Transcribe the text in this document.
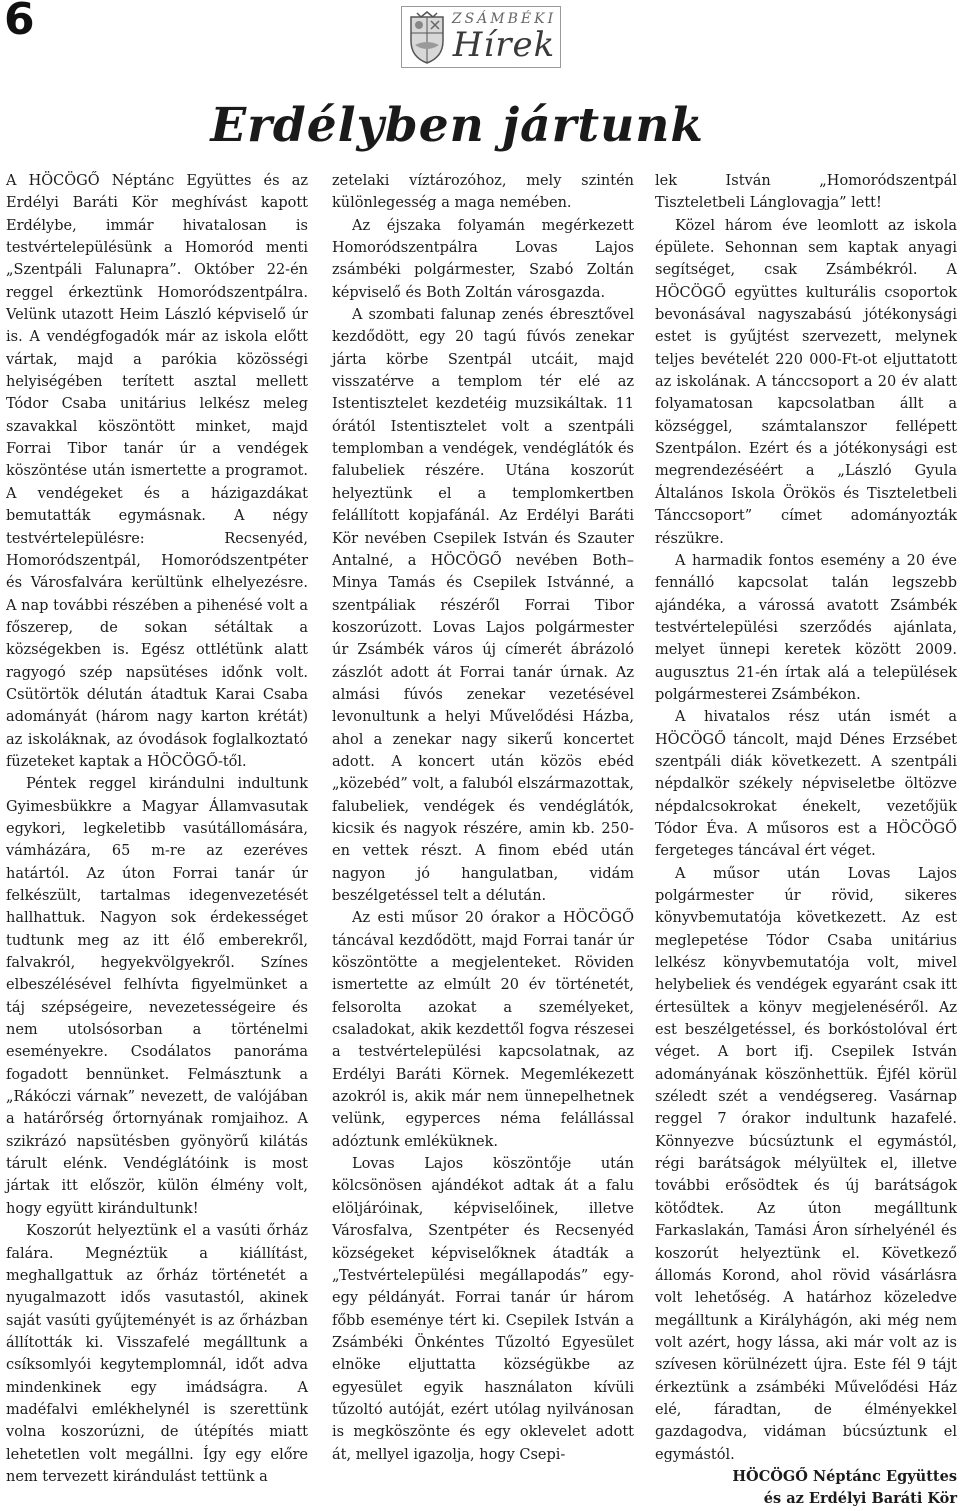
6	ZSÁMBÉKI
Hírek
Erdélyben jártunk

A HÖCÖGŐ Néptánc Együttes és az Erdélyi Baráti Kör meghívást kapott Erdélybe, immár hivatalosan is testvértelepülésünk a Homoród menti „Szentpáli Falunapra”. Október 22-én reggel érkeztünk Homoródszentpálra. Velünk utazott Heim László képviselő úr is. A vendégfogadók már az iskola előtt vártak, majd a parókia közösségi helyiségében terített asztal mellett Tódor Csaba unitárius lelkész meleg szavakkal köszöntött minket, majd Forrai Tibor tanár úr a vendégek köszöntése után ismertette a programot. A vendégeket és a házigazdákat bemutatták egymásnak. A négy testvértelepülésre: Recsenyéd, Homoródszentpál, Homoródszentpéter és Városfalvára kerültünk elhelyezésre. A nap további részében a pihenésé volt a főszerep, de sokan sétáltak a községekben is. Egész ottlétünk alatt ragyogó szép napsütéses időnk volt. Csütörtök délután átadtuk Karai Csaba adományát (három nagy karton krétát) az iskoláknak, az óvodások foglalkoztató füzeteket kaptak a HÖCÖGŐ-től.

Péntek reggel kirándulni indultunk Gyimesbükkre a Magyar Államvasutak egykori, legkeletibb vasútállomására, vámházára, 65 m-re az ezeréves határtól. Az úton Forrai tanár úr felkészült, tartalmas idegenvezetését hallhattuk. Nagyon sok érdekességet tudtunk meg az itt élő emberekről, falvakról, hegyekvölgyekről. Színes elbeszélésével felhívta figyelmünket a táj szépségeire, nevezetességeire és nem utolsósorban a történelmi eseményekre. Csodálatos panoráma fogadott bennünket. Felmásztunk a „Rákóczi várnak” nevezett, de valójában a határőrség őrtornyának romjaihoz. A szikrázó napsütésben gyönyörű kilátás tárult elénk. Vendéglátóink is most jártak itt először, külön élmény volt, hogy együtt kirándultunk!

Koszorút helyeztünk el a vasúti őrház falára. Megnéztük a kiállítást, meghallgattuk az őrház történetét a nyugalmazott idős vasutastól, akinek saját vasúti gyűjteményét is az őrházban állították ki. Visszafelé megálltunk a csíksomlyói kegytemplomnál, időt adva mindenkinek egy imádságra. A madéfalvi emlékhelynél is szerettünk volna koszorúzni, de útépítés miatt lehetetlen volt megállni. Így egy előre nem tervezett kirándulást tettünk a

zetelaki víztározóhoz, mely szintén különlegesség a maga nemében.

Az éjszaka folyamán megérkezett Homoródszentpálra Lovas Lajos zsámbéki polgármester, Szabó Zoltán képviselő és Both Zoltán városgazda.

A szombati falunap zenés ébresztővel kezdődött, egy 20 tagú fúvós zenekar járta körbe Szentpál utcáit, majd visszatérve a templom tér elé az Istentisztelet kezdetéig muzsikáltak. 11 órától Istentisztelet volt a szentpáli templomban a vendégek, vendéglátók és falubeliek részére. Utána koszorút helyeztünk el a templomkertben felállított kopjafánál. Az Erdélyi Baráti Kör nevében Csepilek István és Szauter Antalné, a HÖCÖGŐ nevében Both–Minya Tamás és Csepilek Istvánné, a szentpáliak részéről Forrai Tibor koszorúzott. Lovas Lajos polgármester úr Zsámbék város új címerét ábrázoló zászlót adott át Forrai tanár úrnak. Az almási fúvós zenekar vezetésével levonultunk a helyi Művelődési Házba, ahol a zenekar nagy sikerű koncertet adott. A koncert után közös ebéd „közebéd” volt, a faluból elszármazottak, falubeliek, vendégek és vendéglátók, kicsik és nagyok részére, amin kb. 250-en vettek részt. A finom ebéd után nagyon jó hangulatban, vidám beszélgetéssel telt a délután.

Az esti műsor 20 órakor a HÖCÖGŐ táncával kezdődött, majd Forrai tanár úr köszöntötte a megjelenteket. Röviden ismertette az elmúlt 20 év történetét, felsorolta azokat a személyeket, csaladokat, akik kezdettől fogva részesei a testvértelepülési kapcsolatnak, az Erdélyi Baráti Körnek. Megemlékezett azokról is, akik már nem ünnepelhetnek velünk, egyperces néma felállással adóztunk emléküknek.

Lovas Lajos köszöntője után kölcsönösen ajándékot adtak át a falu elöljáróinak, képviselőinek, illetve Városfalva, Szentpéter és Recsenyéd községeket képviselőknek átadták a „Testvértelepülési megállapodás” egy-egy példányát. Forrai tanár úr három főbb eseménye tért ki. Csepilek István a Zsámbéki Önkéntes Tűzoltó Egyesület elnöke eljuttatta községükbe az egyesület egyik használaton kívüli tűzoltó autóját, ezért utólag nyilvánosan is megköszönte és egy oklevelet adott át, mellyel igazolja, hogy Csepi-

lek István „Homoródszentpál Tiszteletbeli Lánglovagja” lett!

Közel három éve leomlott az iskola épülete. Sehonnan sem kaptak anyagi segítséget, csak Zsámbékról. A HÖCÖGŐ együttes kulturális csoportok bevonásával nagyszabású jótékonysági estet is gyűjtést szervezett, melynek teljes bevételét 220 000-Ft-ot eljuttatott az iskolának. A tánccsoport a 20 év alatt folyamatosan kapcsolatban állt a községgel, számtalanszor fellépett Szentpálon. Ezért és a jótékonysági est megrendezéséért a „László Gyula Általános Iskola Örökös és Tiszteletbeli Tánccsoport” címet adományozták részükre.

A harmadik fontos esemény a 20 éve fennálló kapcsolat talán legszebb ajándéka, a várossá avatott Zsámbék testvértelepülési szerződés ajánlata, melyet ünnepi keretek között 2009. augusztus 21-én írtak alá a települések polgármesterei Zsámbékon.

A hivatalos rész után ismét a HÖCÖGŐ táncolt, majd Dénes Erzsébet szentpáli diák következett. A szentpáli népdalkör székely népviseletbe öltözve népdalcsokrokat énekelt, vezetőjük Tódor Éva. A műsoros est a HÖCÖGŐ fergeteges táncával ért véget.

A műsor után Lovas Lajos polgármester úr rövid, sikeres könyvbemutatója következett. Az est meglepetése Tódor Csaba unitárius lelkész könyvbemutatója volt, mivel helybeliek és vendégek egyaránt csak itt értesültek a könyv megjelenéséről. Az est beszélgetéssel, és borkóstolóval ért véget. A bort ifj. Csepilek István adományának köszönhettük. Éjfél körül széledt szét a vendégsereg. Vasárnap reggel 7 órakor indultunk hazafelé. Könnyezve búcsúztunk el egymástól, régi barátságok mélyültek el, illetve további erősödtek és új barátságok kötődtek. Az úton megálltunk Farkaslakán, Tamási Áron sírhelyénél és koszorút helyeztünk el. Következő állomás Korond, ahol rövid vásárlásra volt lehetőség. A határhoz közeledve megálltunk a Királyhágón, aki még nem volt azért, hogy lássa, aki már volt az is szívesen körülnézett újra. Este fél 9 tájt érkeztünk a zsámbéki Művelődési Ház elé, fáradtan, de élményekkel gazdagodva, vidáman búcsúztunk el egymástól.

HÖCÖGŐ Néptánc Együttes

és az Erdélyi Baráti Kör
